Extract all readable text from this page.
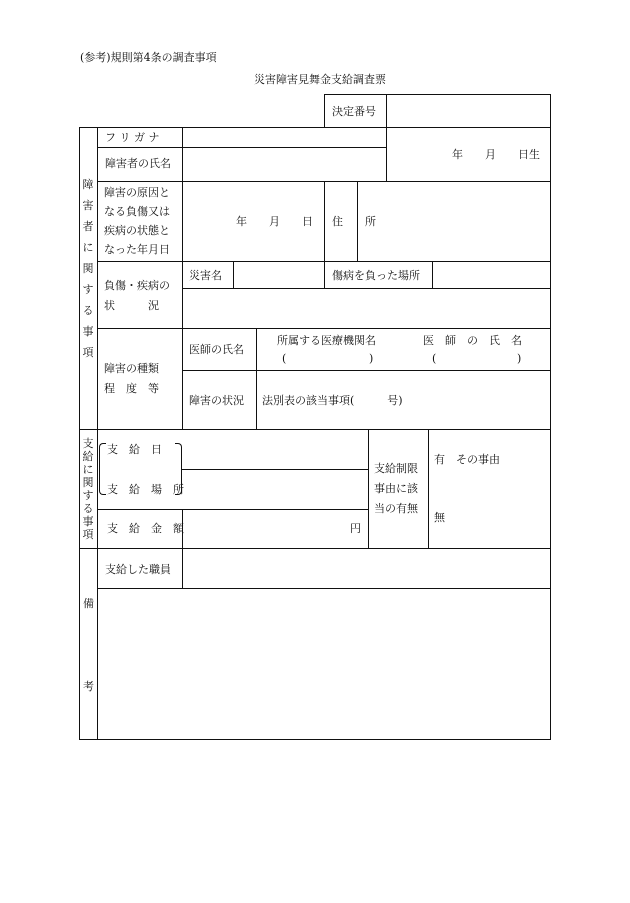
(参考)規則第4条の調査事項
災害障害見舞金支給調査票
決定番号
障
害
者
に
関
す
る
事
項
フ リ ガ ナ
障害者の氏名
年　　月　　日生
障害の原因と
なる負傷又は
疾病の状態と
なった年月日
年　　月　　日 住　　所
負傷・疾病の
状　　　況
災害名	傷病を負った場所
障害の種類
程　度　等
医師の氏名
所属する医療機関名	医　師　の　氏　名
(	)	(	)
障害の状況 法別表の該当事項(　　　号)
支
給
に
関
す
る
事
項
支　給　日
支　給　場　所
支　給　金　額	円
支給制限
事由に該
当の有無
有　その事由
無
備
考
支給した職員
